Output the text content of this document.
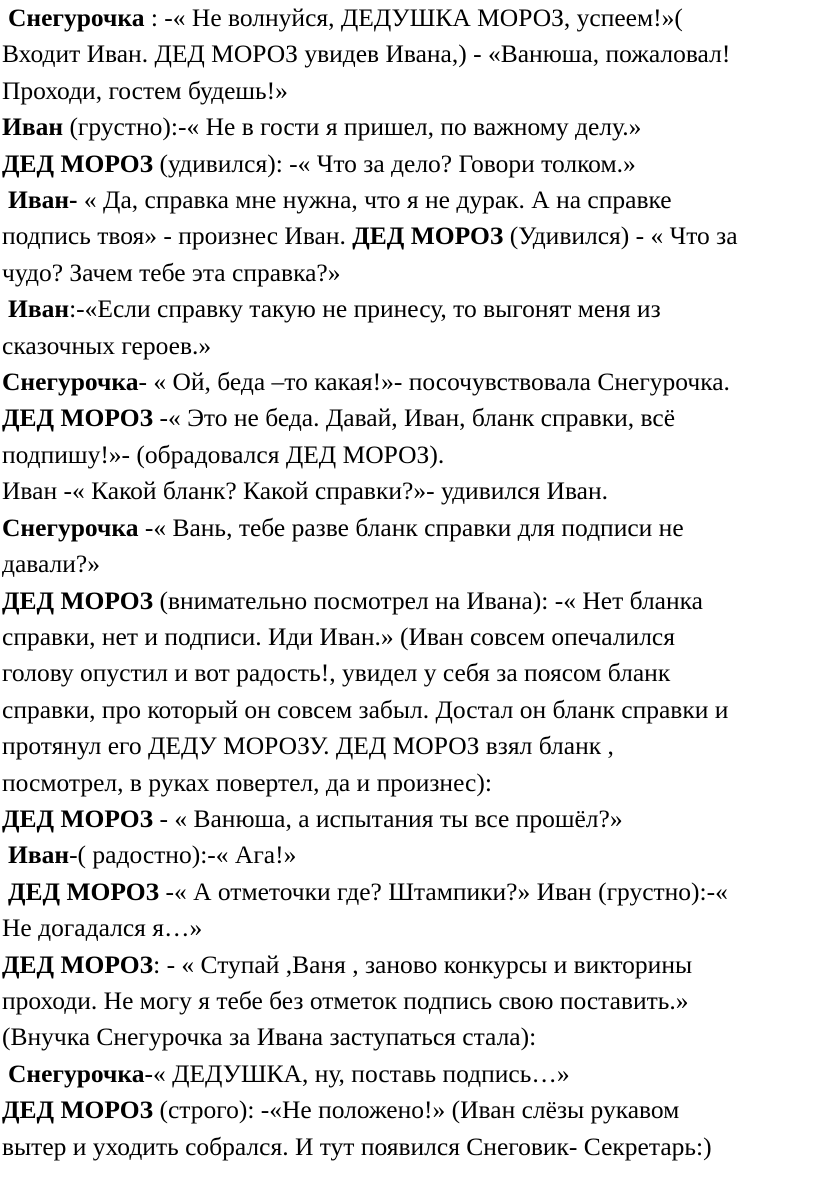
Снегурочка : -« Не волнуйся, ДЕДУШКА МОРОЗ, успеем!»(
Входит Иван. ДЕД МОРОЗ увидев Ивана,) - «Ванюша, пожаловал!
Проходи, гостем будешь!»
Иван (грустно):-« Не в гости я пришел, по важному делу.»
ДЕД МОРОЗ (удивился): -« Что за дело? Говори толком.»
Иван- « Да, справка мне нужна, что я не дурак. А на справке
подпись твоя» - произнес Иван. ДЕД МОРОЗ (Удивился) - « Что за
чудо? Зачем тебе эта справка?»
Иван:-«Если справку такую не принесу, то выгонят меня из
сказочных героев.»
Снегурочка- « Ой, беда –то какая!»- посочувствовала Снегурочка.
ДЕД МОРОЗ -« Это не беда. Давай, Иван, бланк справки, всё
подпишу!»- (обрадовался ДЕД МОРОЗ).
Иван -« Какой бланк? Какой справки?»- удивился Иван.
Снегурочка -« Вань, тебе разве бланк справки для подписи не
давали?»
ДЕД МОРОЗ (внимательно посмотрел на Ивана): -« Нет бланка
справки, нет и подписи. Иди Иван.» (Иван совсем опечалился
голову опустил и вот радость!, увидел у себя за поясом бланк
справки, про который он совсем забыл. Достал он бланк справки и
протянул его ДЕДУ МОРОЗУ. ДЕД МОРОЗ взял бланк ,
посмотрел, в руках повертел, да и произнес):
ДЕД МОРОЗ - « Ванюша, а испытания ты все прошёл?»
Иван-( радостно):-« Ага!»
ДЕД МОРОЗ -« А отметочки где? Штампики?» Иван (грустно):-«
Не догадался я…»
ДЕД МОРОЗ: - « Ступай ,Ваня , заново конкурсы и викторины
проходи. Не могу я тебе без отметок подпись свою поставить.»
(Внучка Снегурочка за Ивана заступаться стала):
Снегурочка-« ДЕДУШКА, ну, поставь подпись…»
ДЕД МОРОЗ (строго): -«Не положено!» (Иван слёзы рукавом
вытер и уходить собрался. И тут появился Снеговик- Секретарь:)
